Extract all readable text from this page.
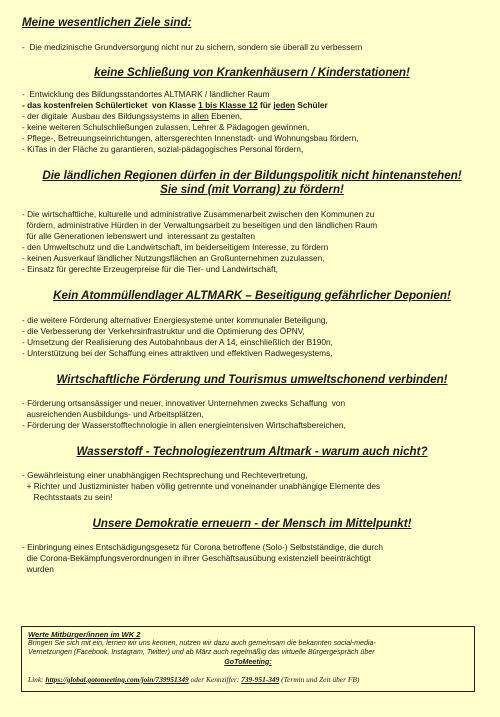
Meine wesentlichen Ziele sind:
-  Die medizinische Grundversorgung nicht nur zu sichern, sondern sie überall zu verbessern
keine Schließung von Krankenhäusern / Kinderstationen!
-  Entwicklung des Bildungsstandortes ALTMARK / ländlicher Raum
- das kostenfreien Schülerticket  von Klasse 1 bis Klasse 12 für jeden Schüler
- der digitale  Ausbau des Bildungssystems in allen Ebenen,
- keine weiteren Schulschließungen zulassen, Lehrer & Pädagogen gewinnen,
- Pflege-, Betreuungseinrichtungen, altersgerechten Innenstadt- und Wohnungsbau fördern,
- KiTas in der Fläche zu garantieren, sozial-pädagogisches Personal fördern,
Die ländlichen Regionen dürfen in der Bildungspolitik nicht hintenanstehen!
Sie sind (mit Vorrang) zu fördern!
- Die wirtschaftliche, kulturelle und administrative Zusammenarbeit zwischen den Kommunen zu
fördern, administrative Hürden in der Verwaltungsarbeit zu beseitigen und den ländlichen Raum
für alle Generationen lebenswert und  interessant zu gestalten
- den Umweltschutz und die Landwirtschaft, im beiderseitigem Interesse, zu fördern
- keinen Ausverkauf ländlicher Nutzungsflächen an Großunternehmen zuzulassen,
- Einsatz für gerechte Erzeugerpreise für die Tier- und Landwirtschaft,
Kein Atommüllendlager ALTMARK – Beseitigung gefährlicher Deponien!
- die weitere Förderung alternativer Energiesysteme unter kommunaler Beteiligung,
- die Verbesserung der Verkehrsinfrastruktur und die Optimierung des ÖPNV,
- Umsetzung der Realisierung des Autobahnbaus der A 14, einschließlich der B190n,
- Unterstützung bei der Schaffung eines attraktiven und effektiven Radwegesystems,
Wirtschaftliche Förderung und Tourismus umweltschonend verbinden!
- Förderung ortsansässiger und neuer, innovativer Unternehmen zwecks Schaffung  von
ausreichenden Ausbildungs- und Arbeitsplätzen,
- Förderung der Wasserstofftechnologie in allen energieintensiven Wirtschaftsbereichen,
Wasserstoff - Technologiezentrum Altmark - warum auch nicht?
- Gewährleistung einer unabhängigen Rechtsprechung und Rechtevertretung,
+ Richter und Justizminister haben völlig getrennte und voneinander unabhängige Elemente des
Rechtsstaats zu sein!
Unsere Demokratie erneuern - der Mensch im Mittelpunkt!
- Einbringung eines Entschädigungsgesetz für Corona betroffene (Solo-) Selbstständige, die durch
die Corona-Bekämpfungsverordnungen in ihrer Geschäftsausübung existenziell beeinträchtigt
wurden
Werte Mitbürger/innen im WK 2
Bringen Sie sich mit ein, lernen wir uns kennen, nutzen wir dazu auch gemeinsam die bekannten social-media-
Vernetzungen (Facebook, Instagram, Twitter) und ab März auch regelmäßig das virtuelle Bürgergespräch über
GoToMeeting:
Link: https://global.gotomeeting.com/join/739951349 oder Kennziffer: 739-951-349 (Termin und Zeit über FB)
